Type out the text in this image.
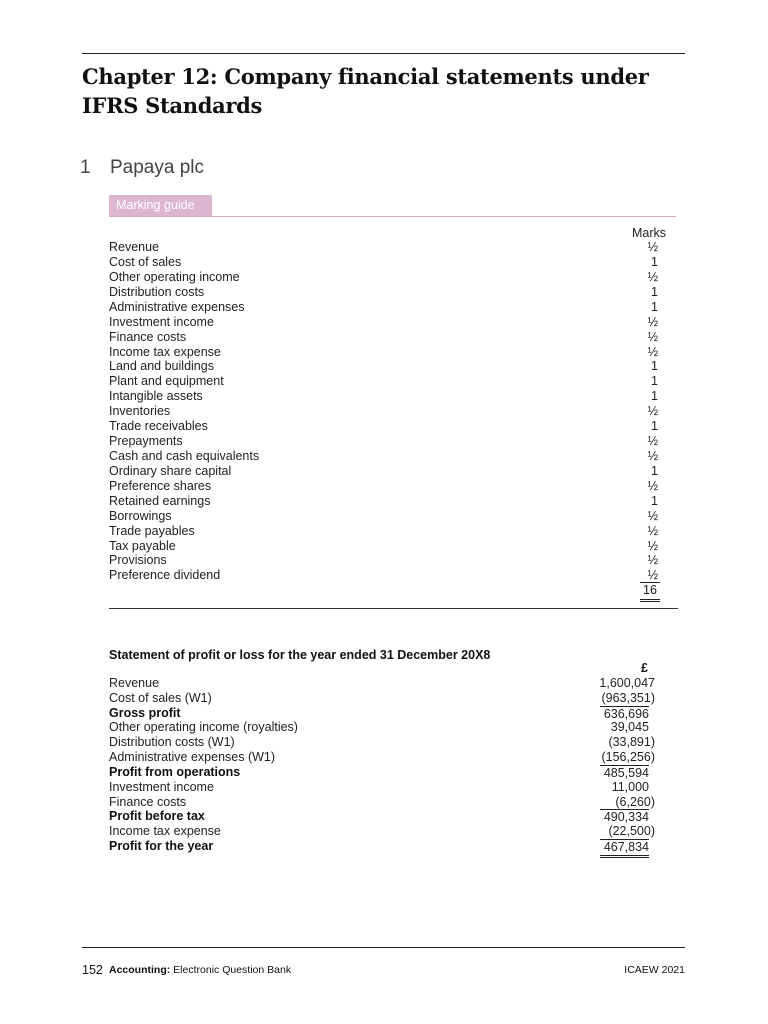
Chapter 12: Company financial statements under IFRS Standards
1 Papaya plc
Marking guide
Marks
Revenue	½
Cost of sales	1
Other operating income	½
Distribution costs	1
Administrative expenses	1
Investment income	½
Finance costs	½
Income tax expense	½
Land and buildings	1
Plant and equipment	1
Intangible assets	1
Inventories	½
Trade receivables	1
Prepayments	½
Cash and cash equivalents	½
Ordinary share capital	1
Preference shares	½
Retained earnings	1
Borrowings	½
Trade payables	½
Tax payable	½
Provisions	½
Preference dividend	½
16
Statement of profit or loss for the year ended 31 December 20X8
£
Revenue	1,600,047
Cost of sales (W1)	(963,351)
Gross profit	636,696
Other operating income (royalties)	39,045
Distribution costs (W1)	(33,891)
Administrative expenses (W1)	(156,256)
Profit from operations	485,594
Investment income	11,000
Finance costs	(6,260)
Profit before tax	490,334
Income tax expense	(22,500)
Profit for the year	467,834
152 Accounting: Electronic Question Bank	ICAEW 2021
